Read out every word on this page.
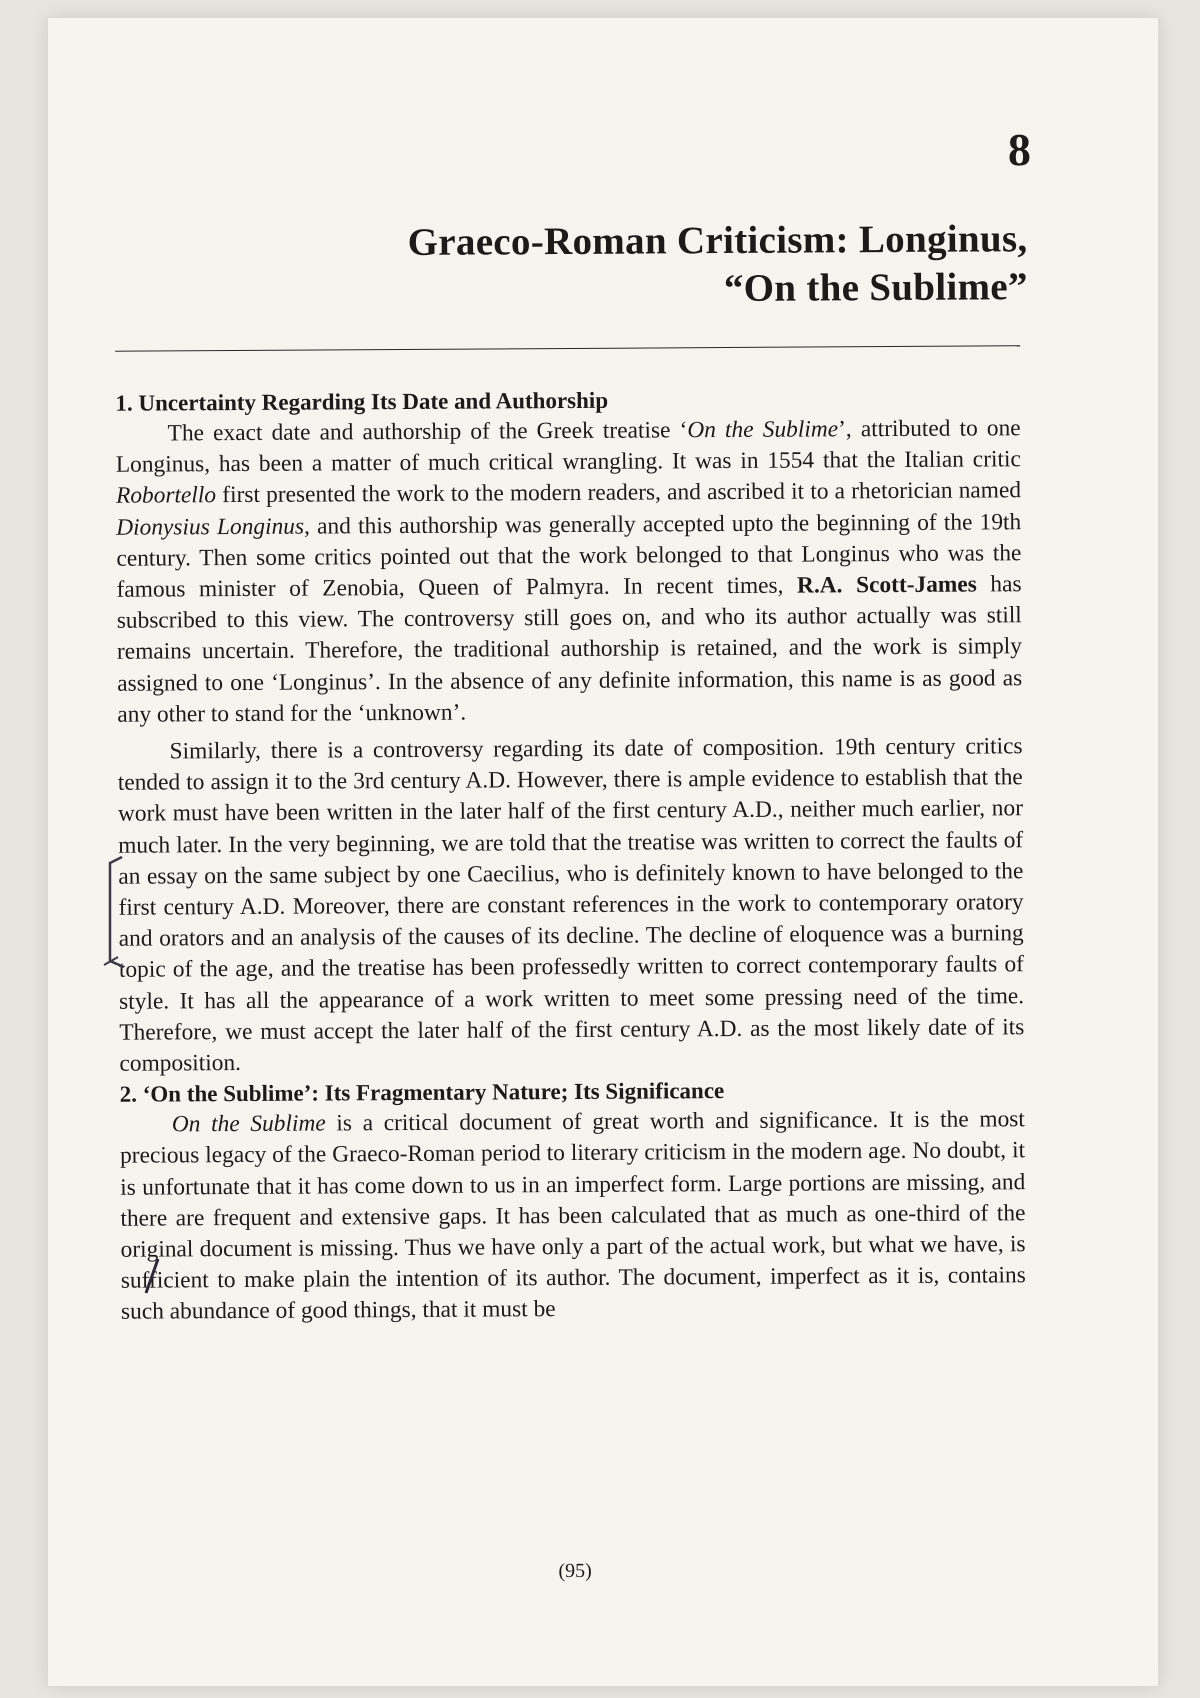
8
Graeco-Roman Criticism: Longinus,
“On the Sublime”
1. Uncertainty Regarding Its Date and Authorship

The exact date and authorship of the Greek treatise ‘On the Sublime’, attributed to one Longinus, has been a matter of much critical wrangling. It was in 1554 that the Italian critic Robortello first presented the work to the modern readers, and ascribed it to a rhetorician named Dionysius Longinus, and this authorship was generally accepted upto the beginning of the 19th century. Then some critics pointed out that the work belonged to that Longinus who was the famous minister of Zenobia, Queen of Palmyra. In recent times, R.A. Scott-James has subscribed to this view. The controversy still goes on, and who its author actually was still remains uncertain. Therefore, the traditional authorship is retained, and the work is simply assigned to one ‘Longinus’. In the absence of any definite information, this name is as good as any other to stand for the ‘unknown’.

Similarly, there is a controversy regarding its date of composition. 19th century critics tended to assign it to the 3rd century A.D. However, there is ample evidence to establish that the work must have been written in the later half of the first century A.D., neither much earlier, nor much later. In the very beginning, we are told that the treatise was written to correct the faults of an essay on the same subject by one Caecilius, who is definitely known to have belonged to the first century A.D. Moreover, there are constant references in the work to contemporary oratory and orators and an analysis of the causes of its decline. The decline of eloquence was a burning topic of the age, and the treatise has been professedly written to correct contemporary faults of style. It has all the appearance of a work written to meet some pressing need of the time. Therefore, we must accept the later half of the first century A.D. as the most likely date of its composition.

2. ‘On the Sublime’: Its Fragmentary Nature; Its Significance

On the Sublime is a critical document of great worth and significance. It is the most precious legacy of the Graeco-Roman period to literary criticism in the modern age. No doubt, it is unfortunate that it has come down to us in an imperfect form. Large portions are missing, and there are frequent and extensive gaps. It has been calculated that as much as one-third of the original document is missing. Thus we have only a part of the actual work, but what we have, is sufficient to make plain the intention of its author. The document, imperfect as it is, contains such abundance of good things, that it must be

(95)
